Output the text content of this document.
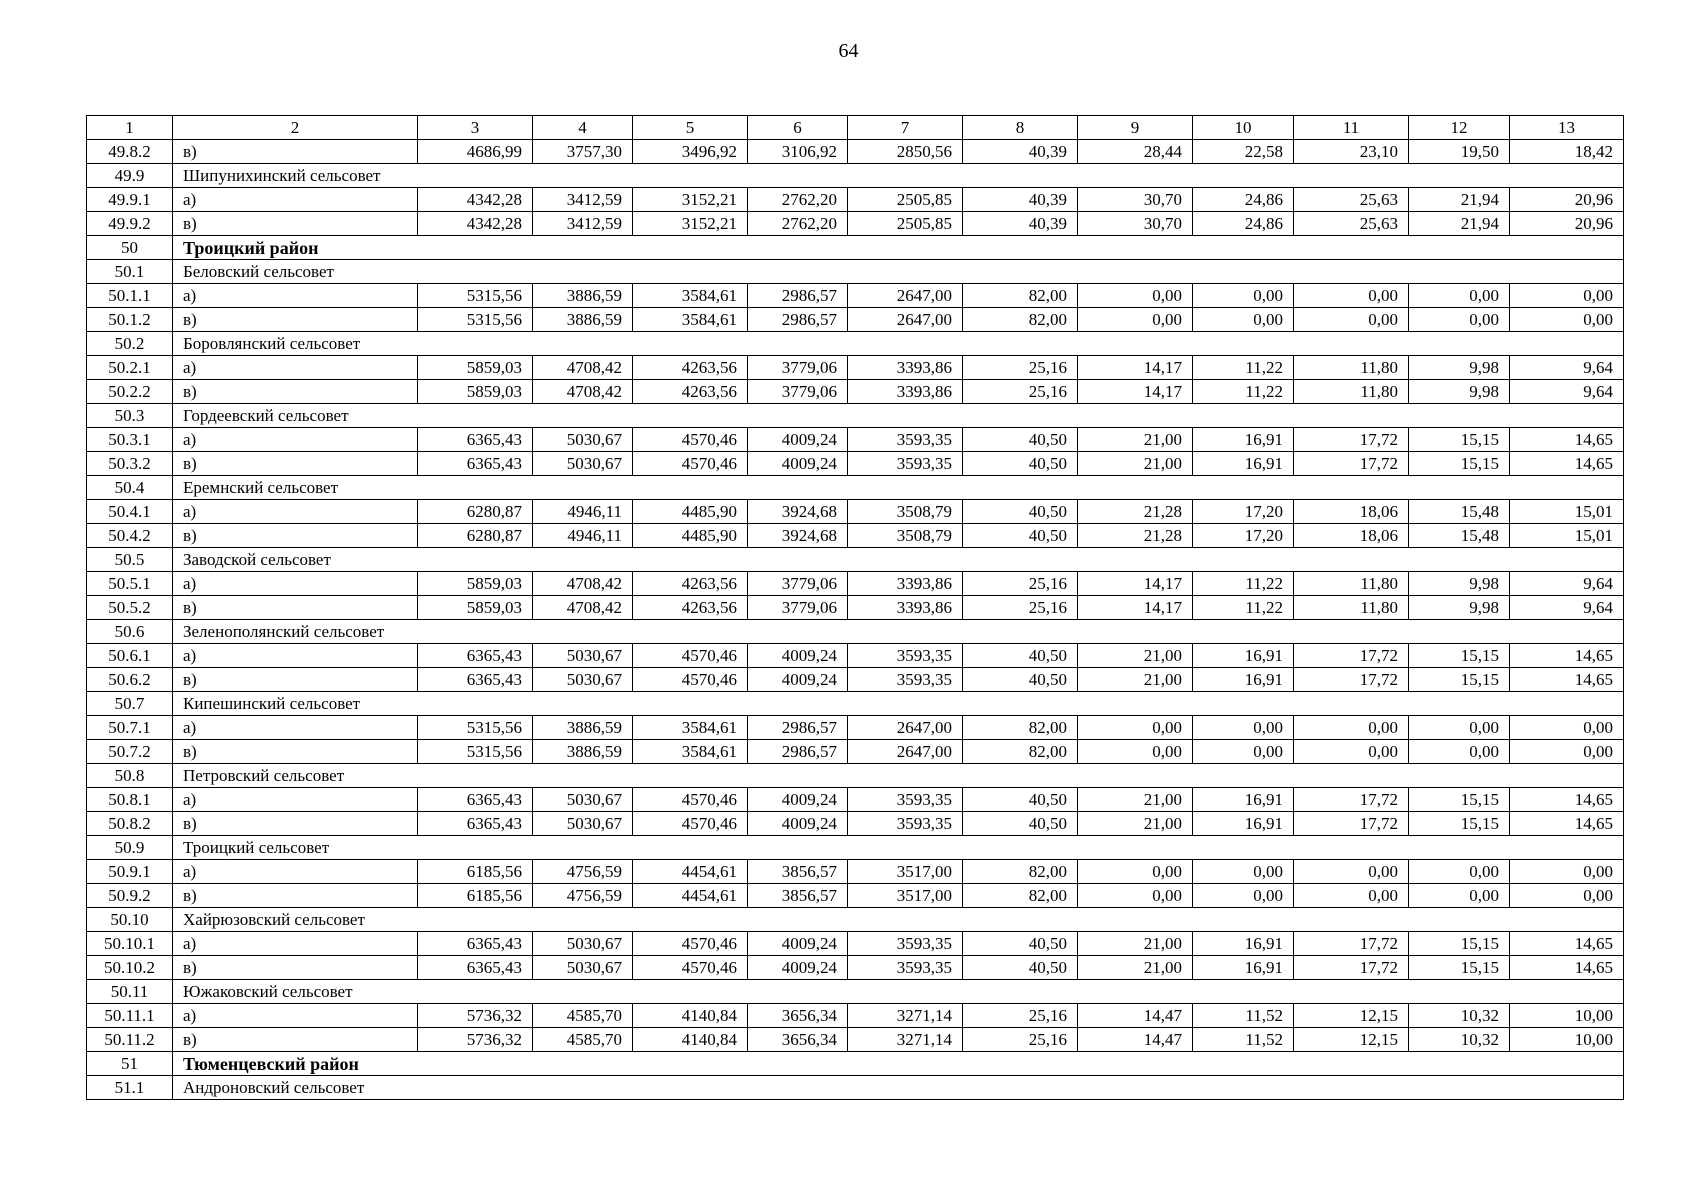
64
1	2	3	4	5	6	7	8	9	10	11	12	13
49.8.2	в)	4686,99	3757,30	3496,92	3106,92	2850,56	40,39	28,44	22,58	23,10	19,50	18,42
49.9	Шипунихинский сельсовет											
49.9.1	а)	4342,28	3412,59	3152,21	2762,20	2505,85	40,39	30,70	24,86	25,63	21,94	20,96
49.9.2	в)	4342,28	3412,59	3152,21	2762,20	2505,85	40,39	30,70	24,86	25,63	21,94	20,96
50	Троицкий район											
50.1	Беловский сельсовет											
50.1.1	а)	5315,56	3886,59	3584,61	2986,57	2647,00	82,00	0,00	0,00	0,00	0,00	0,00
50.1.2	в)	5315,56	3886,59	3584,61	2986,57	2647,00	82,00	0,00	0,00	0,00	0,00	0,00
50.2	Боровлянский сельсовет											
50.2.1	а)	5859,03	4708,42	4263,56	3779,06	3393,86	25,16	14,17	11,22	11,80	9,98	9,64
50.2.2	в)	5859,03	4708,42	4263,56	3779,06	3393,86	25,16	14,17	11,22	11,80	9,98	9,64
50.3	Гордеевский сельсовет											
50.3.1	а)	6365,43	5030,67	4570,46	4009,24	3593,35	40,50	21,00	16,91	17,72	15,15	14,65
50.3.2	в)	6365,43	5030,67	4570,46	4009,24	3593,35	40,50	21,00	16,91	17,72	15,15	14,65
50.4	Еремнский сельсовет											
50.4.1	а)	6280,87	4946,11	4485,90	3924,68	3508,79	40,50	21,28	17,20	18,06	15,48	15,01
50.4.2	в)	6280,87	4946,11	4485,90	3924,68	3508,79	40,50	21,28	17,20	18,06	15,48	15,01
50.5	Заводской сельсовет											
50.5.1	а)	5859,03	4708,42	4263,56	3779,06	3393,86	25,16	14,17	11,22	11,80	9,98	9,64
50.5.2	в)	5859,03	4708,42	4263,56	3779,06	3393,86	25,16	14,17	11,22	11,80	9,98	9,64
50.6	Зеленополянский сельсовет											
50.6.1	а)	6365,43	5030,67	4570,46	4009,24	3593,35	40,50	21,00	16,91	17,72	15,15	14,65
50.6.2	в)	6365,43	5030,67	4570,46	4009,24	3593,35	40,50	21,00	16,91	17,72	15,15	14,65
50.7	Кипешинский сельсовет											
50.7.1	а)	5315,56	3886,59	3584,61	2986,57	2647,00	82,00	0,00	0,00	0,00	0,00	0,00
50.7.2	в)	5315,56	3886,59	3584,61	2986,57	2647,00	82,00	0,00	0,00	0,00	0,00	0,00
50.8	Петровский сельсовет											
50.8.1	а)	6365,43	5030,67	4570,46	4009,24	3593,35	40,50	21,00	16,91	17,72	15,15	14,65
50.8.2	в)	6365,43	5030,67	4570,46	4009,24	3593,35	40,50	21,00	16,91	17,72	15,15	14,65
50.9	Троицкий сельсовет											
50.9.1	а)	6185,56	4756,59	4454,61	3856,57	3517,00	82,00	0,00	0,00	0,00	0,00	0,00
50.9.2	в)	6185,56	4756,59	4454,61	3856,57	3517,00	82,00	0,00	0,00	0,00	0,00	0,00
50.10	Хайрюзовский сельсовет											
50.10.1	а)	6365,43	5030,67	4570,46	4009,24	3593,35	40,50	21,00	16,91	17,72	15,15	14,65
50.10.2	в)	6365,43	5030,67	4570,46	4009,24	3593,35	40,50	21,00	16,91	17,72	15,15	14,65
50.11	Южаковский сельсовет											
50.11.1	а)	5736,32	4585,70	4140,84	3656,34	3271,14	25,16	14,47	11,52	12,15	10,32	10,00
50.11.2	в)	5736,32	4585,70	4140,84	3656,34	3271,14	25,16	14,47	11,52	12,15	10,32	10,00
51	Тюменцевский район											
51.1	Андроновский сельсовет											
